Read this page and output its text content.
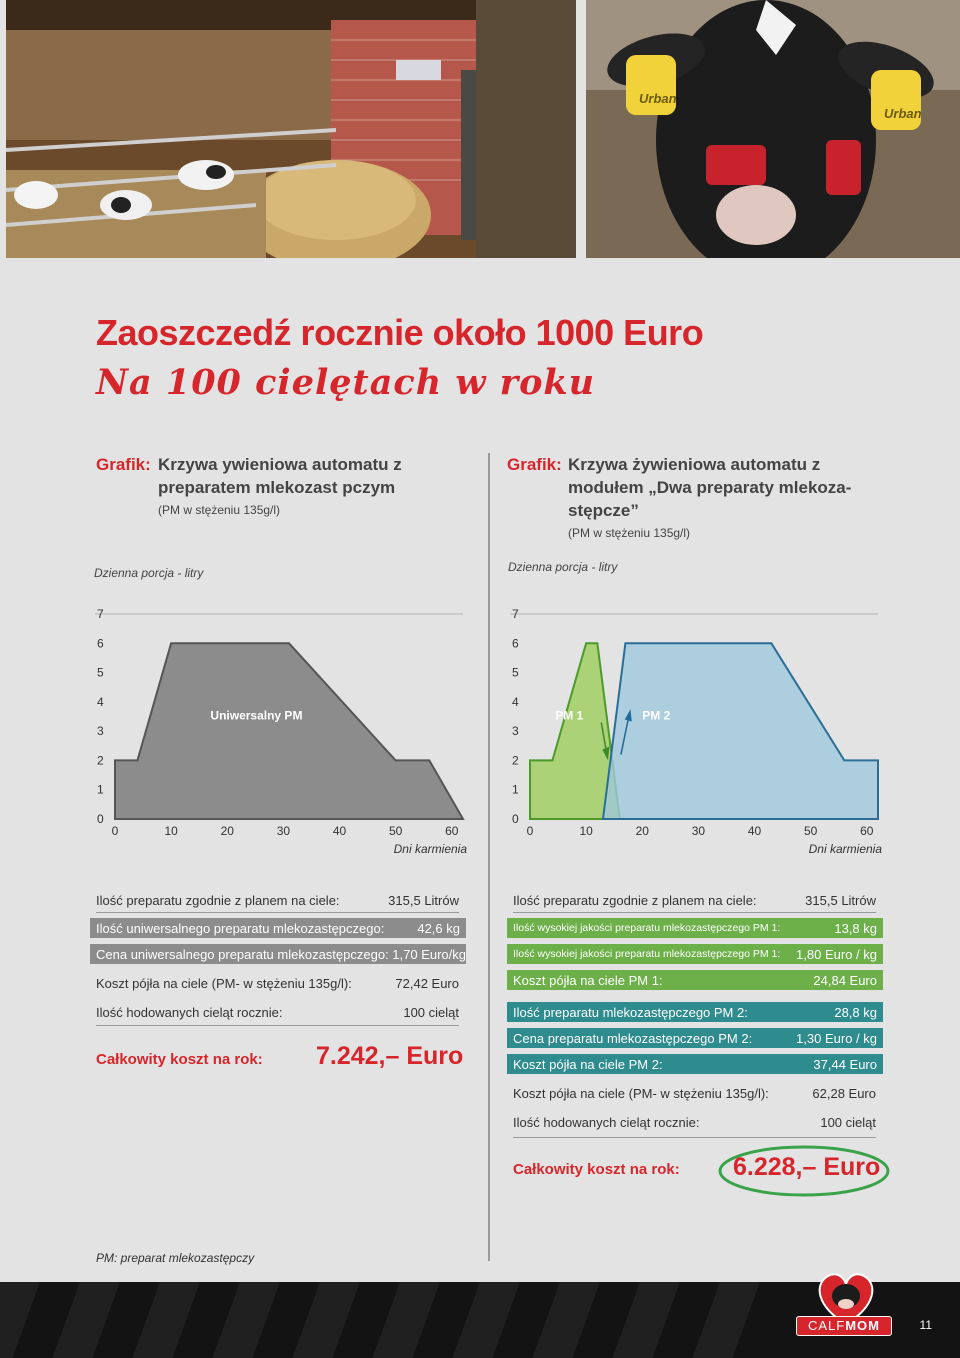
Urban
Urban
Zaoszczedź rocznie około 1000 Euro
Na 100 cielętach w roku
Grafik: Krzywa ywieniowa automatu z
preparatem mlekozast pczym
(PM w stężeniu 135g/l)
Dzienna porcja - litry
Grafik: Krzywa żywieniowa automatu z
modułem „Dwa preparaty mlekoza-
stępcze”
(PM w stężeniu 135g/l)
Dzienna porcja - litry
0
1
2
3
4
5
6
7
0	10	20	30	40	50	60
Dni karmienia
Uniwersalny PM
0
1
2
3
4
5
6
7
0	10	20	30	40	50	60
Dni karmienia
PM 1	PM 2
Ilość preparatu zgodnie z planem na ciele:	315,5 Litrów
Ilość uniwersalnego preparatu mlekozastępczego:	42,6 kg
Cena uniwersalnego preparatu mlekozastępczego: 1,70 Euro/kg
Koszt pójła na ciele (PM- w stężeniu 135g/l):	72,42 Euro
Ilość hodowanych cieląt rocznie:	100 cieląt
Całkowity koszt na rok: 7.242,– Euro
Ilość preparatu zgodnie z planem na ciele:	315,5 Litrów
Ilość wysokiej jakości preparatu mlekozastępczego PM 1:	13,8 kg
Ilość wysokiej jakości preparatu mlekozastępczego PM 1: 1,80 Euro / kg
Koszt pójła na ciele PM 1:	24,84 Euro
Ilość preparatu mlekozastępczego PM 2:	28,8 kg
Cena preparatu mlekozastępczego PM 2:	1,30 Euro / kg
Koszt pójła na ciele PM 2:	37,44 Euro
Koszt pójła na ciele (PM- w stężeniu 135g/l):	62,28 Euro
Ilość hodowanych cieląt rocznie:	100 cieląt
Całkowity koszt na rok: 6.228,– Euro
PM: preparat mlekozastępczy
CALFMOM	11
